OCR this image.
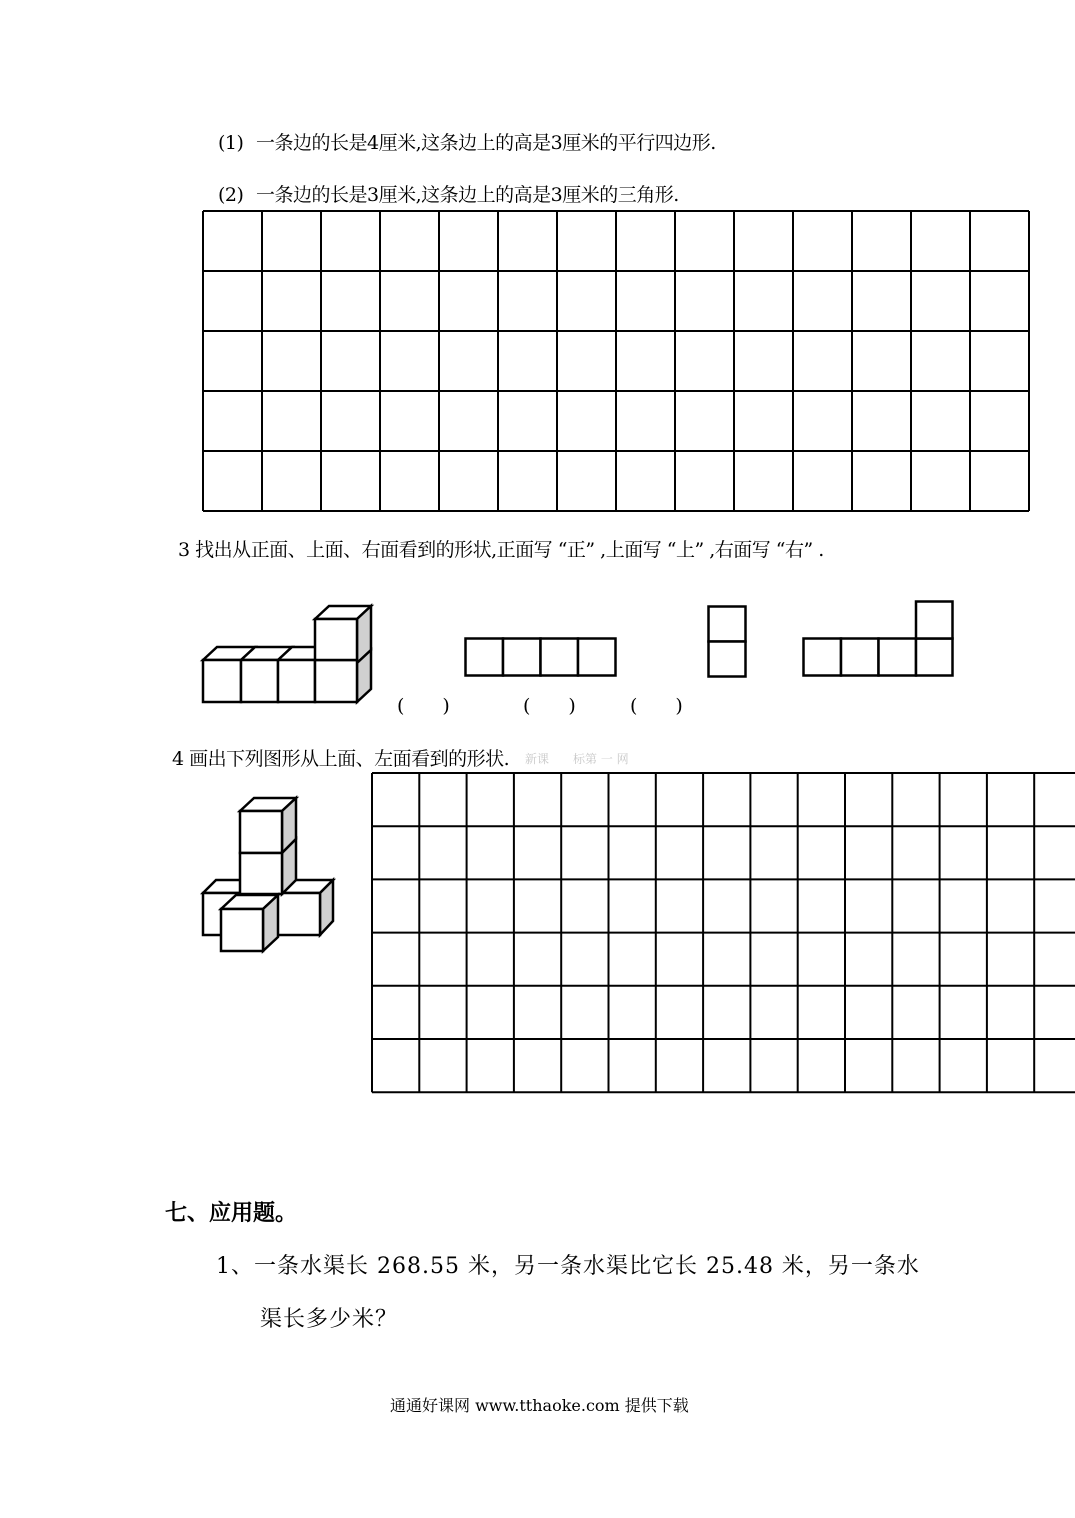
(1) 一条边的长是4厘米,这条边上的高是3厘米的平行四边形.
(2) 一条边的长是3厘米,这条边上的高是3厘米的三角形.
3 找出从正面、上面、右面看到的形状,正面写 “正” ,上面写 “上” ,右面写 “右” .
(　　)	(　　)	(　　)
4 画出下列图形从上面、左面看到的形状. 新课　　标第 一 网
七、应用题。
1、一条水渠长 268.55 米，另一条水渠比它长 25.48 米，另一条水
渠长多少米？
通通好课网 www.tthaoke.com 提供下载
